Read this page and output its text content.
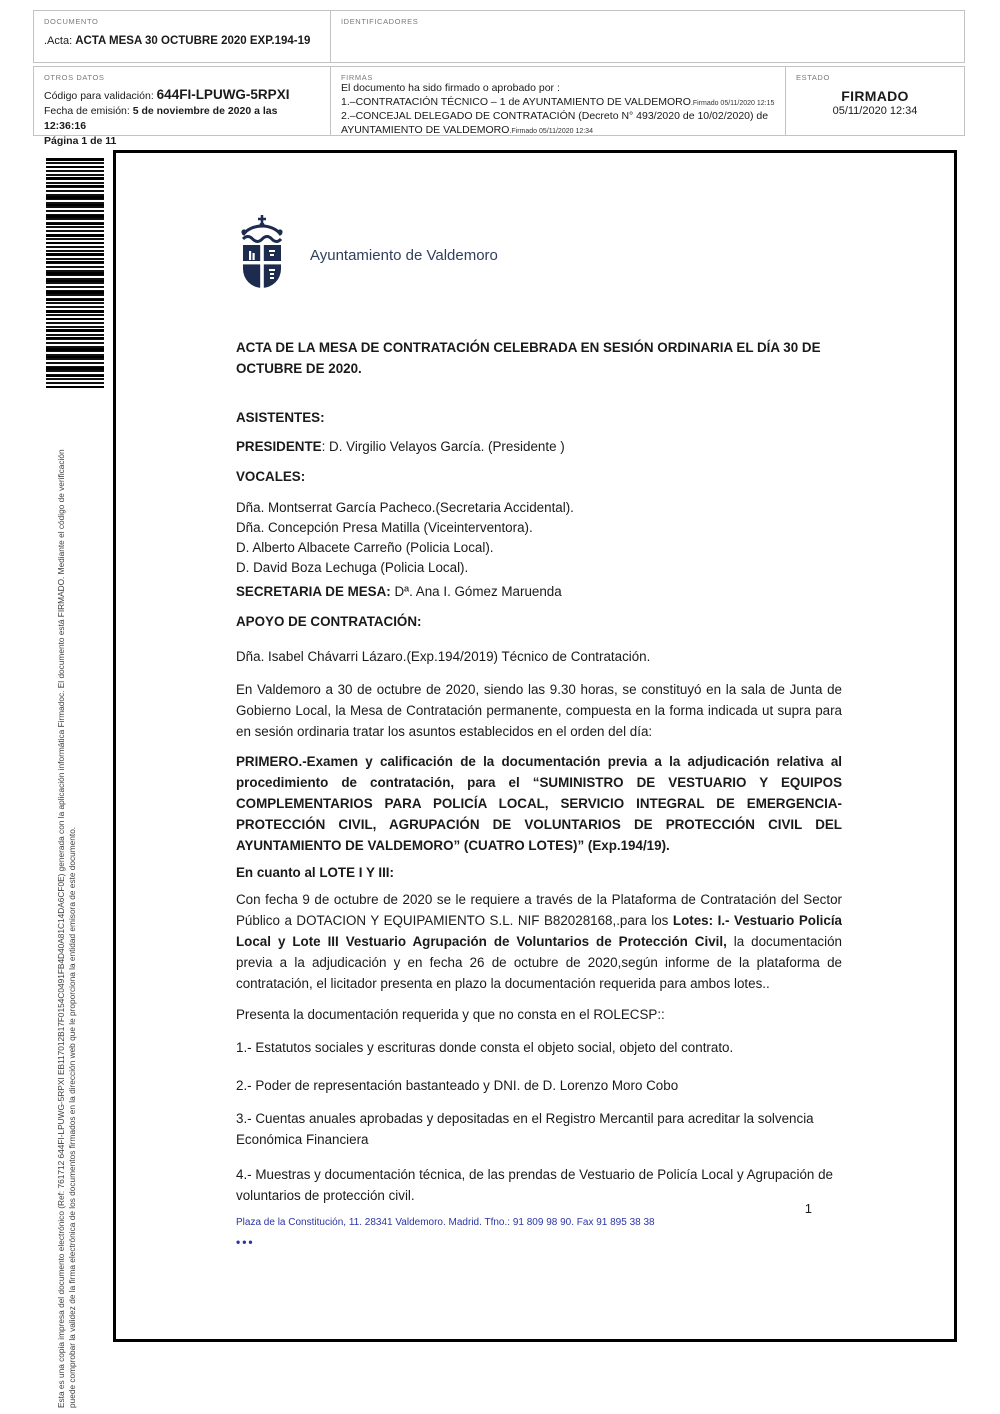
DOCUMENTO
.Acta: ACTA MESA 30 OCTUBRE 2020 EXP.194-19
IDENTIFICADORES
OTROS DATOS
Código para validación: 644FI-LPUWG-5RPXI
Fecha de emisión: 5 de noviembre de 2020 a las 12:36:16
Página 1 de 11
FIRMAS
El documento ha sido firmado o aprobado por :
1.–CONTRATACIÓN TÉCNICO – 1 de AYUNTAMIENTO DE VALDEMORO.Firmado 05/11/2020 12:15
2.–CONCEJAL DELEGADO DE CONTRATACIÓN (Decreto N° 493/2020 de 10/02/2020) de AYUNTAMIENTO DE VALDEMORO.Firmado 05/11/2020 12:34
ESTADO
FIRMADO
05/11/2020 12:34
Esta es una copia impresa del documento electrónico (Ref: 761712 644FI-LPUWG-5RPXI EB117012B17F0154C0491FB4D40A81C14DA6CF0E) generada con la aplicación informática Firmadoc. El documento está FIRMADO. Mediante el código de verificación puede comprobar la validez de la firma electrónica de los documentos firmados en la dirección web que le proporciona la entidad emisora de este documento.
Ayuntamiento de Valdemoro
ACTA DE LA MESA DE CONTRATACIÓN CELEBRADA EN SESIÓN ORDINARIA EL DÍA 30 DE OCTUBRE DE 2020.
ASISTENTES:

PRESIDENTE: D. Virgilio Velayos García. (Presidente )

VOCALES:

Dña. Montserrat García Pacheco.(Secretaria Accidental).

Dña. Concepción Presa Matilla (Viceinterventora).

D. Alberto Albacete Carreño (Policia Local).

D. David Boza Lechuga (Policia Local).

SECRETARIA DE MESA: Dª. Ana I. Gómez Maruenda

APOYO DE CONTRATACIÓN:

Dña. Isabel Chávarri Lázaro.(Exp.194/2019) Técnico de Contratación.

En Valdemoro a 30 de octubre de 2020, siendo las 9.30 horas, se constituyó en la sala de Junta de Gobierno Local, la Mesa de Contratación permanente, compuesta en la forma indicada ut supra para en sesión ordinaria tratar los asuntos establecidos en el orden del día:

PRIMERO.-Examen y calificación de la documentación previa a la adjudicación relativa al procedimiento de contratación, para el “SUMINISTRO DE VESTUARIO Y EQUIPOS COMPLEMENTARIOS PARA POLICÍA LOCAL, SERVICIO INTEGRAL DE EMERGENCIA-PROTECCIÓN CIVIL, AGRUPACIÓN DE VOLUNTARIOS DE PROTECCIÓN CIVIL DEL AYUNTAMIENTO DE VALDEMORO” (CUATRO LOTES)” (Exp.194/19).

En cuanto al LOTE I Y III:

Con fecha 9 de octubre de 2020 se le requiere a través de la Plataforma de Contratación del Sector Público a DOTACION Y EQUIPAMIENTO S.L. NIF B82028168,.para los Lotes: I.- Vestuario Policía Local y Lote III Vestuario Agrupación de Voluntarios de Protección Civil, la documentación previa a la adjudicación y en fecha 26 de octubre de 2020,según informe de la plataforma de contratación, el licitador presenta en plazo la documentación requerida para ambos lotes..

Presenta la documentación requerida y que no consta en el ROLECSP::

1.- Estatutos sociales y escrituras donde consta el objeto social, objeto del contrato.

2.- Poder de representación bastanteado y DNI. de D. Lorenzo Moro Cobo

3.- Cuentas anuales aprobadas y depositadas en el Registro Mercantil para acreditar la solvencia Económica Financiera

4.- Muestras y documentación técnica, de las prendas de Vestuario de Policía Local y Agrupación de voluntarios de protección civil.

1
Plaza de la Constitución, 11. 28341 Valdemoro. Madrid. Tfno.: 91 809 98 90. Fax 91 895 38 38
•••
